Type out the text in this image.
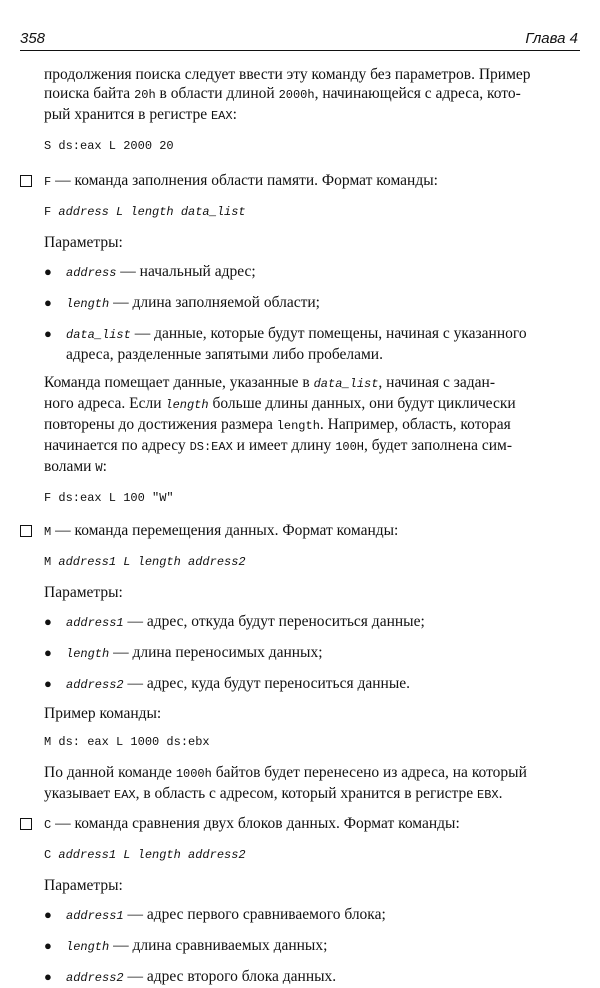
358	Глава 4

продолжения поиска следует ввести эту команду без параметров. Пример
поиска байта 20h в области длиной 2000h, начинающейся с адреса, кото-
рый хранится в регистре EAX:

S ds:eax L 2000 20

F — команда заполнения области памяти. Формат команды:
F address L length data_list
Параметры:
●	address — начальный адрес;
●	length — длина заполняемой области;
●	data_list — данные, которые будут помещены, начиная с указанного
адреса, разделенные запятыми либо пробелами.

Команда помещает данные, указанные в data_list, начиная с задан-
ного адреса. Если length больше длины данных, они будут циклически
повторены до достижения размера length. Например, область, которая
начинается по адресу DS:EAX и имеет длину 100H, будет заполнена сим-
волами W:

F ds:eax L 100 "W"

M — команда перемещения данных. Формат команды:
M address1 L length address2
Параметры:
●	address1 — адрес, откуда будут переноситься данные;
●	length — длина переносимых данных;
●	address2 — адрес, куда будут переноситься данные.
Пример команды:

M ds: eax L 1000 ds:ebx

По данной команде 1000h байтов будет перенесено из адреса, на который
указывает EAX, в область с адресом, который хранится в регистре EBX.

C — команда сравнения двух блоков данных. Формат команды:
C address1 L length address2
Параметры:
●	address1 — адрес первого сравниваемого блока;
●	length — длина сравниваемых данных;
●	address2 — адрес второго блока данных.
